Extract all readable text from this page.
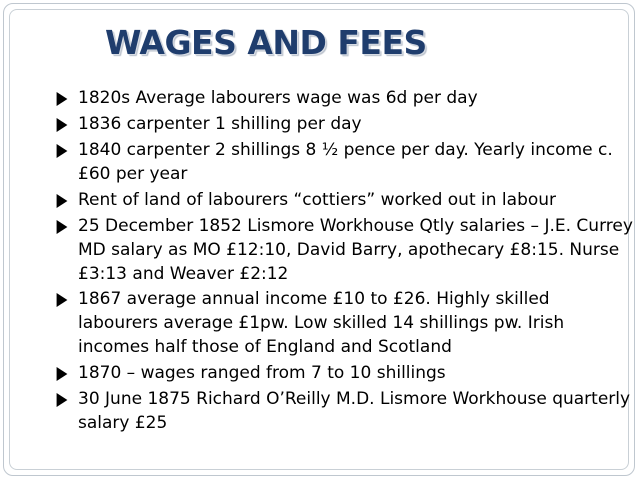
WAGES AND FEES
1820s Average labourers wage was 6d per day
1836 carpenter 1 shilling per day
1840 carpenter 2 shillings 8 ½ pence per day. Yearly income c. £60 per year
Rent of land of labourers “cottiers” worked out in labour
25 December 1852 Lismore Workhouse Qtly salaries – J.E. Currey MD salary as MO £12:10, David Barry, apothecary £8:15. Nurse £3:13 and Weaver £2:12
1867 average annual income £10 to £26. Highly skilled labourers average £1pw. Low skilled 14 shillings pw. Irish incomes half those of England and Scotland
1870 – wages ranged from 7 to 10 shillings
30 June 1875 Richard O’Reilly M.D. Lismore Workhouse quarterly salary £25
